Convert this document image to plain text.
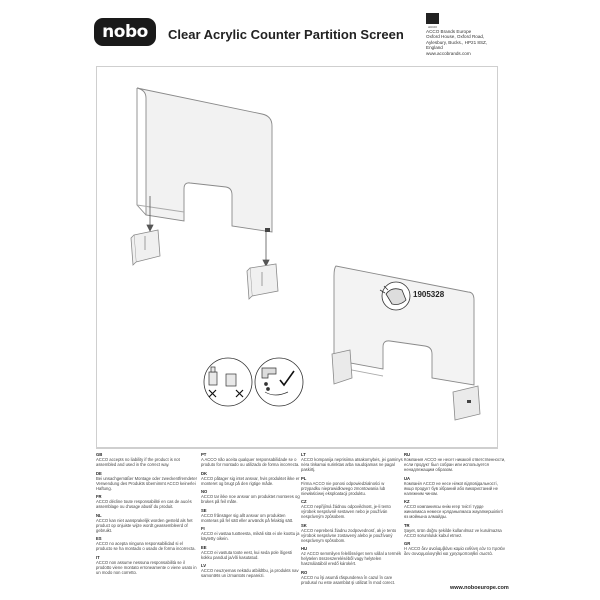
nobo Clear Acrylic Counter Partition Screen	ACCO
ACCO Brands Europe
Oxford House, Oxford Road,
Aylesbury, Bucks., HP21 8SZ,
England
www.accobrands.com
1905328
GB
ACCO accepts no liability if the product is not assembled and used in the correct way.
DE
Bei unsachgemäßer Montage oder zweckentfremdeter Verwendung des Produkts übernimmt ACCO keinerlei Haftung.
FR
ACCO décline toute responsabilité en cas de aucés assemblage ou d'usage abusif du produit.
NL
ACCO kan niet aansprakelijk worden gesteld als het product op onjuiste wijze wordt geassembleerd of gebruikt.
ES
ACCO no acepta ninguna responsabilidad si el producto se ha montado o usado de forma incorrecta.
IT
ACCO non assume nessuna responsabilità se il prodotto viene montato erroneamente o viene usato in un modo non corretto.
PT
A ACCO não aceita qualquer responsabilidade se o produto for montado ou utilizado de forma incorrecta.
DK
ACCO påtager sig intet ansvar, hvis produktet ikke er monteret og brugt på den rigtige måde.
NO
ACCO tar ikke noe ansvar om produktet monteres og brukes på feil måte.
SE
ACCO frånsäger sig allt ansvar om produkten monteras på fel sätt eller används på felaktig sätt.
FI
ACCO ei vastaa tuotteesta, mikäli sitä ei ole koottu ja käytetty oikein.
EE
ACCO ei vastuta toote eest, kui seda pole õigesti kokku pandud ja/või kasutatud.
LV
ACCO neuzņemas nekādu atbildību, ja produkts nav samontēts un izmantots nepareizi.
LT
ACCO kompanija neprisiima atsakomybės, jei gaminys nėra tinkamai surinktas arba naudojamas ne pagal paskirtį.
PL
Firma ACCO nie ponosi odpowiedzialności w przypadku nieprawidłowego zmontowania lub niewłaściwej eksploatacji produktu.
CZ
ACCO nepřijímá žádnou odpovědnost, je-li tento výrobek nesprávně sestaven nebo je používán nesprávným způsobem.
SK
ACCO nepreberá žiadnu zodpovednosť, ak je tento výrobok nesprávne zostavený alebo je používaný nesprávnym spôsobom.
HU
Az ACCO semmilyen felelősséget nem vállal a termék helytelen összeszereléséből vagy helytelen használatából eredő károkért.
RO
ACCO nu îşi asumă răspunderea în cazul în care produsul nu este asamblat şi utilizat în mod corect.
RU
Компания ACCO не несет никакой ответственности, если продукт был собран или используется ненадлежащим образом.
UA
Компанія ACCO не несе ніякої відповідальності, якщо продукт був зібраний або використаний не належним чином.
KZ
ACCO компаниясы өнім егер тиісті түрде жиналмаса немесе қолданылмаса жауапкершілікті өз мойнына алмайды.
TR
Şayet, ürün doğru şekilde kullanılmaz ve kurulmazsa ACCO sorumluluk kabul etmez.
GR
Η ACCO δεν αναλαμβάνει καμία ευθύνη εάν το προϊόν δεν συναρμολογηθεί και χρησιμοποιηθεί σωστά.
www.noboeurope.com
